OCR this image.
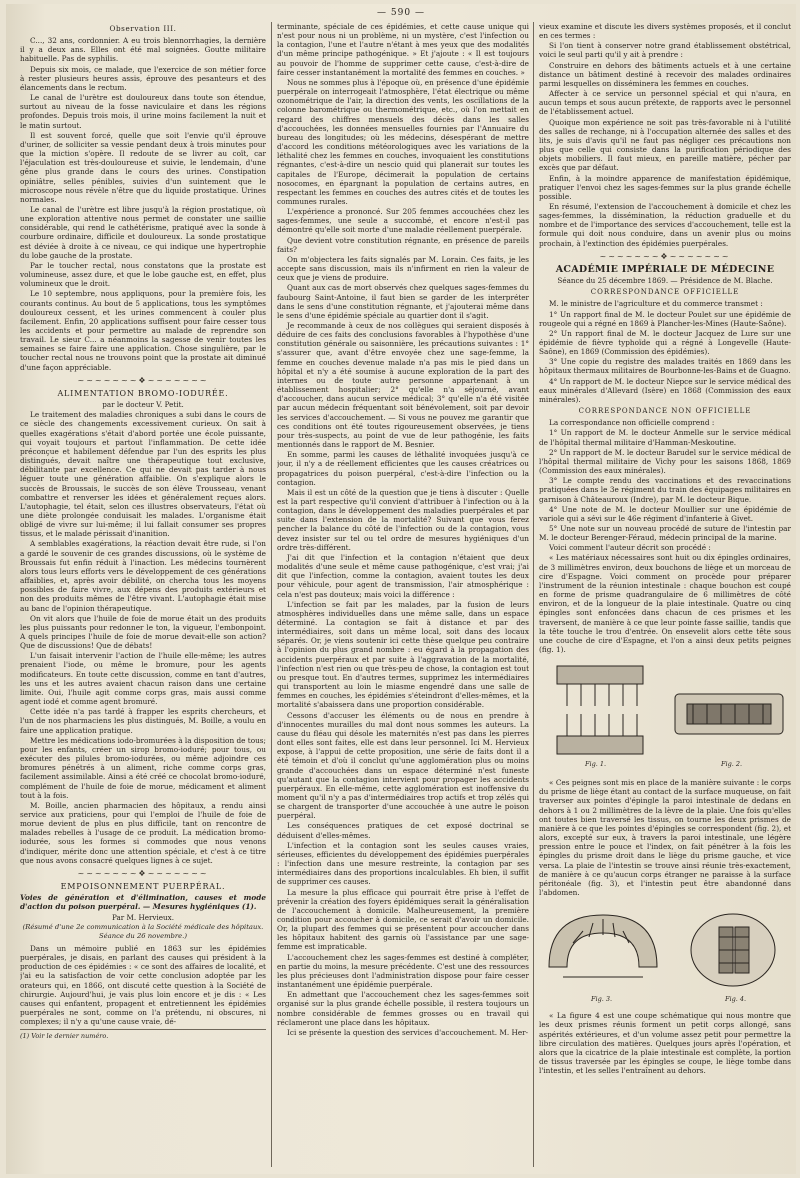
— 590 —
Observation III.

C..., 32 ans, cordonnier. A eu trois blennorrhagies, la dernière il y a deux ans. Elles ont été mal soignées. Goutte militaire habituelle. Pas de syphilis.

Depuis six mois, ce malade, que l'exercice de son métier force à rester plusieurs heures assis, éprouve des pesanteurs et des élancements dans le rectum.

Le canal de l'urètre est douloureux dans toute son étendue, surtout au niveau de la fosse naviculaire et dans les régions profondes. Depuis trois mois, il urine moins facilement la nuit et le matin surtout.

Il est souvent forcé, quelle que soit l'envie qu'il éprouve d'uriner, de solliciter sa vessie pendant deux à trois minutes pour que la miction s'opère. Il redoute de se livrer au coït, car l'éjaculation est très-douloureuse et suivie, le lendemain, d'une gêne plus grande dans le cours des urines. Constipation opiniâtre, selles pénibles, suivies d'un suintement que le microscope nous révèle n'être que du liquide prostatique. Urines normales.

Le canal de l'urètre est libre jusqu'à la région prostatique, où une exploration attentive nous permet de constater une saillie considérable, qui rend le cathétérisme, pratiqué avec la sonde à courbure ordinaire, difficile et douloureux. La sonde prostatique est déviée à droite à ce niveau, ce qui indique une hypertrophie du lobe gauche de la prostate.

Par le toucher rectal, nous constatons que la prostate est volumineuse, assez dure, et que le lobe gauche est, en effet, plus volumineux que le droit.

Le 10 septembre, nous appliquons, pour la première fois, les courants continus. Au bout de 5 applications, tous les symptômes douloureux cessent, et les urines commencent à couler plus facilement. Enfin, 20 applications suffisent pour faire cesser tous les accidents et pour permettre au malade de reprendre son travail. Le sieur C... a néanmoins la sagesse de venir toutes les semaines se faire faire une application. Chose singulière, par le toucher rectal nous ne trouvons point que la prostate ait diminué d'une façon appréciable.

~~~~~~~❖~~~~~~~
ALIMENTATION BROMO-IODURÉE.
par le docteur V. Petit.

Le traitement des maladies chroniques a subi dans le cours de ce siècle des changements excessivement curieux. On sait à quelles exagérations s'était d'abord portée une école puissante, qui voyait toujours et partout l'inflammation. De cette idée préconçue et habilement défendue par l'un des esprits les plus distingués, devait naître une thérapeutique tout exclusive, débilitante par excellence. Ce qui ne devait pas tarder à nous léguer toute une génération affaiblie. On s'explique alors le succès de Broussais, le succès de son élève Trousseau, venant combattre et renverser les idées et généralement reçues alors. L'autophagie, tel était, selon ces illustres observateurs, l'état où une diète prolongée conduisait les malades. L'organisme était obligé de vivre sur lui-même; il lui fallait consumer ses propres tissus, et le malade périssait d'inanition.

A semblables exagérations, la réaction devait être rude, si l'on a gardé le souvenir de ces grandes discussions, où le système de Broussais fut enfin réduit à l'inaction. Les médecins tournèrent alors tous leurs efforts vers le développement de ces générations affaiblies, et, après avoir débilité, on chercha tous les moyens possibles de faire vivre, aux dépens des produits extérieurs et non des produits mêmes de l'être vivant. L'autophagie était mise au banc de l'opinion thérapeutique.

On vit alors que l'huile de foie de morue était un des produits les plus puissants pour redonner le ton, la vigueur, l'embonpoint. A quels principes l'huile de foie de morue devait-elle son action? Que de discussions! Que de débats!

L'un faisait intervenir l'action de l'huile elle-même; les autres prenaient l'iode, ou même le bromure, pour les agents modificateurs. En toute cette discussion, comme en tant d'autres, les uns et les autres avaient chacun raison dans une certaine limite. Oui, l'huile agit comme corps gras, mais aussi comme agent iodé et comme agent bromuré.

Cette idée n'a pas tardé à frapper les esprits chercheurs, et l'un de nos pharmaciens les plus distingués, M. Boille, a voulu en faire une application pratique.

Mettre les médications iodo-bromurées à la disposition de tous; pour les enfants, créer un sirop bromo-ioduré; pour tous, ou exécuter des pilules bromo-iodurées, ou même adjoindre ces bromures pénétrés à un aliment, riche comme corps gras, facilement assimilable. Ainsi a été créé ce chocolat bromo-ioduré, complément de l'huile de foie de morue, médicament et aliment tout à la fois.

M. Boille, ancien pharmacien des hôpitaux, a rendu ainsi service aux praticiens, pour qui l'emploi de l'huile de foie de morue devient de plus en plus difficile, tant on rencontre de malades rebelles à l'usage de ce produit. La médication bromo-iodurée, sous les formes si commodes que nous venons d'indiquer, mérite donc une attention spéciale, et c'est à ce titre que nous avons consacré quelques lignes à ce sujet.

~~~~~~~❖~~~~~~~
EMPOISONNEMENT PUERPÉRAL.
Voies de génération et d'élimination, causes et mode d'action du poison puerpéral. — Mesures hygiéniques (1).
Par M. Hervieux.
(Résumé d'une 2e communication à la Société médicale des hôpitaux. Séance du 26 novembre.)

Dans un mémoire publié en 1863 sur les épidémies puerpérales, je disais, en parlant des causes qui président à la production de ces épidémies : « ce sont des affaires de localité, et j'ai eu la satisfaction de voir cette conclusion adoptée par les orateurs qui, en 1866, ont discuté cette question à la Société de chirurgie. Aujourd'hui, je vais plus loin encore et je dis : « Les causes qui enfantent, propagent et entretiennent les épidémies puerpérales ne sont, comme on l'a prétendu, ni obscures, ni complexes; il n'y a qu'une cause vraie, dé-

(1) Voir le dernier numéro.

terminante, spéciale de ces épidémies, et cette cause unique qui n'est pour nous ni un problème, ni un mystère, c'est l'infection ou la contagion, l'une et l'autre n'étant à mes yeux que des modalités d'un même principe pathogénique. » Et j'ajoute : « Il est toujours au pouvoir de l'homme de supprimer cette cause, c'est-à-dire de faire cesser instantanément la mortalité des femmes en couches. »

Nous ne sommes plus à l'époque où, en présence d'une épidémie puerpérale on interrogeait l'atmosphère, l'état électrique ou même ozonométrique de l'air, la direction des vents, les oscillations de la colonne barométrique ou thermométrique, etc., où l'on mettait en regard des chiffres mensuels des décès dans les salles d'accouchées, les données mensuelles fournies par l'Annuaire du bureau des longitudes; où les médecins, désespérant de mettre d'accord les conditions météorologiques avec les variations de la léthalité chez les femmes en couches, invoquaient les constitutions régnantes, c'est-à-dire un nescio quid qui planerait sur toutes les capitales de l'Europe, décimerait la population de certains nosocomes, en épargnant la population de certains autres, en respectant les femmes en couches des autres cités et de toutes les communes rurales.

L'expérience a prononcé. Sur 205 femmes accouchées chez les sages-femmes, une seule a succombé, et encore n'est-il pas démontré qu'elle soit morte d'une maladie réellement puerpérale.

Que devient votre constitution régnante, en présence de pareils faits?

On m'objectera les faits signalés par M. Lorain. Ces faits, je les accepte sans discussion, mais ils n'infirment en rien la valeur de ceux que je viens de produire.

Quant aux cas de mort observés chez quelques sages-femmes du faubourg Saint-Antoine, il faut bien se garder de les interpréter dans le sens d'une constitution régnante, et j'ajouterai même dans le sens d'une épidémie spéciale au quartier dont il s'agit.

Je recommande à ceux de nos collègues qui seraient disposés à déduire de ces faits des conclusions favorables à l'hypothèse d'une constitution générale ou saisonnière, les précautions suivantes : 1° s'assurer que, avant d'être envoyée chez une sage-femme, la femme en couches devenue malade n'a pas mis le pied dans un hôpital et n'y a été soumise à aucune exploration de la part des internes ou de toute autre personne appartenant à un établissement hospitalier; 2° qu'elle n'a séjourné, avant d'accoucher, dans aucun service médical; 3° qu'elle n'a été visitée par aucun médecin fréquentant soit bénévolement, soit par devoir les services d'accouchement. — Si vous ne pouvez me garantir que ces conditions ont été toutes rigoureusement observées, je tiens pour très-suspects, au point de vue de leur pathogénie, les faits mentionnés dans le rapport de M. Besnier.

En somme, parmi les causes de léthalité invoquées jusqu'à ce jour, il n'y a de réellement efficientes que les causes créatrices ou propagatrices du poison puerpéral, c'est-à-dire l'infection ou la contagion.

Mais il est un côté de la question que je tiens à discuter : Quelle est la part respective qu'il convient d'attribuer à l'infection ou à la contagion, dans le développement des maladies puerpérales et par suite dans l'extension de la mortalité? Suivant que vous ferez pencher la balance du côté de l'infection ou de la contagion, vous devez insister sur tel ou tel ordre de mesures hygiéniques d'un ordre très-différent.

J'ai dit que l'infection et la contagion n'étaient que deux modalités d'une seule et même cause pathogénique, c'est vrai; j'ai dit que l'infection, comme la contagion, avaient toutes les deux pour véhicule, pour agent de transmission, l'air atmosphérique : cela n'est pas douteux; mais voici la différence :

L'infection se fait par les malades, par la fusion de leurs atmosphères individuelles dans une même salle, dans un espace déterminé. La contagion se fait à distance et par des intermédiaires, soit dans un même local, soit dans des locaux séparés. Or, je viens soutenir ici cette thèse quelque peu contraire à l'opinion du plus grand nombre : eu égard à la propagation des accidents puerpéraux et par suite à l'aggravation de la mortalité, l'infection n'est rien ou que très-peu de chose, la contagion est tout ou presque tout. En d'autres termes, supprimez les intermédiaires qui transportent au loin le miasme engendré dans une salle de femmes en couches, les épidémies s'éteindront d'elles-mêmes, et la mortalité s'abaissera dans une proportion considérable.

Cessons d'accuser les éléments ou de nous en prendre à d'innocentes murailles du mal dont nous sommes les auteurs. La cause du fléau qui désole les maternités n'est pas dans les pierres dont elles sont faites, elle est dans leur personnel. Ici M. Hervieux expose, à l'appui de cette proposition, une série de faits dont il a été témoin et d'où il conclut qu'une agglomération plus ou moins grande d'accouchées dans un espace déterminé n'est funeste qu'autant que la contagion intervient pour propager les accidents puerpéraux. En elle-même, cette agglomération est inoffensive du moment qu'il n'y a pas d'intermédiaires trop actifs et trop zélés qui se chargent de transporter d'une accouchée à une autre le poison puerpéral.

Les conséquences pratiques de cet exposé doctrinal se déduisent d'elles-mêmes.

L'infection et la contagion sont les seules causes vraies, sérieuses, efficientes du développement des épidémies puerpérales : l'infection dans une mesure restreinte, la contagion par ses intermédiaires dans des proportions incalculables. Eh bien, il suffit de supprimer ces causes.

La mesure la plus efficace qui pourrait être prise à l'effet de prévenir la création des foyers épidémiques serait la généralisation de l'accouchement à domicile. Malheureusement, la première condition pour accoucher à domicile, ce serait d'avoir un domicile. Or, la plupart des femmes qui se présentent pour accoucher dans les hôpitaux habitent des garnis où l'assistance par une sage-femme est impraticable.

L'accouchement chez les sages-femmes est destiné à compléter, en partie du moins, la mesure précédente. C'est une des ressources les plus précieuses dont l'administration dispose pour faire cesser instantanément une épidémie puerpérale.

En admettant que l'accouchement chez les sages-femmes soit organisé sur la plus grande échelle possible, il restera toujours un nombre considérable de femmes grosses ou en travail qui réclameront une place dans les hôpitaux.

Ici se présente la question des services d'accouchement. M. Her-

vieux examine et discute les divers systèmes proposés, et il conclut en ces termes :

Si l'on tient à conserver notre grand établissement obstétrical, voici le seul parti qu'il y ait à prendre :

Construire en dehors des bâtiments actuels et à une certaine distance un bâtiment destiné à recevoir des malades ordinaires parmi lesquelles on disséminera les femmes en couches.

Affecter à ce service un personnel spécial et qui n'aura, en aucun temps et sous aucun prétexte, de rapports avec le personnel de l'établissement actuel.

Quoique mon expérience ne soit pas très-favorable ni à l'utilité des salles de rechange, ni à l'occupation alternée des salles et des lits, je suis d'avis qu'il ne faut pas négliger ces précautions non plus que celle qui consiste dans la purification périodique des objets mobiliers. Il faut mieux, en pareille matière, pécher par excès que par défaut.

Enfin, à la moindre apparence de manifestation épidémique, pratiquer l'envoi chez les sages-femmes sur la plus grande échelle possible.

En résumé, l'extension de l'accouchement à domicile et chez les sages-femmes, la dissémination, la réduction graduelle et du nombre et de l'importance des services d'accouchement, telle est la formule qui doit nous conduire, dans un avenir plus ou moins prochain, à l'extinction des épidémies puerpérales.

~~~~~~~❖~~~~~~~
ACADÉMIE IMPÉRIALE DE MÉDECINE
Séance du 25 décembre 1869. — Présidence de M. Blache.
CORRESPONDANCE OFFICIELLE

M. le ministre de l'agriculture et du commerce transmet :

1° Un rapport final de M. le docteur Poulet sur une épidémie de rougeole qui a régné en 1869 à Plancher-les-Mines (Haute-Saône).

2° Un rapport final de M. le docteur Jacquez de Lure sur une épidémie de fièvre typhoïde qui a régné à Longevelle (Haute-Saône), en 1869 (Commission des épidémies).

3° Une copie du registre des malades traités en 1869 dans les hôpitaux thermaux militaires de Bourbonne-les-Bains et de Guagno.

4° Un rapport de M. le docteur Niepce sur le service médical des eaux minérales d'Allevard (Isère) en 1868 (Commission des eaux minérales).

CORRESPONDANCE NON OFFICIELLE

La correspondance non officielle comprend :

1° Un rapport de M. le docteur Anmelle sur le service médical de l'hôpital thermal militaire d'Hamman-Meskoutine.

2° Un rapport de M. le docteur Barudel sur le service médical de l'hôpital thermal militaire de Vichy pour les saisons 1868, 1869 (Commission des eaux minérales).

3° Le compte rendu des vaccinations et des revaccinations pratiquées dans le 3e régiment du train des équipages militaires en garnison à Châteauroux (Indre), par M. le docteur Bique.

4° Une note de M. le docteur Moullier sur une épidémie de variole qui a sévi sur le 46e régiment d'infanterie à Givet.

5° Une note sur un nouveau procédé de suture de l'intestin par M. le docteur Berenger-Féraud, médecin principal de la marine.

Voici comment l'auteur décrit son procédé :

« Les matériaux nécessaires sont huit ou dix épingles ordinaires, de 3 millimètres environ, deux bouchons de liège et un morceau de cire d'Espagne. Voici comment on procède pour préparer l'instrument de la réunion intestinale : chaque bouchon est coupé en forme de prisme quadrangulaire de 6 millimètres de côté environ, et de la longueur de la plaie intestinale. Quatre ou cinq épingles sont enfoncées dans chacun de ces prismes et les traversent, de manière à ce que leur pointe fasse saillie, tandis que la tête touche le trou d'entrée. On ensevelit alors cette tête sous une couche de cire d'Espagne, et l'on a ainsi deux petits peignes (fig. 1).

Fig. 1.	Fig. 2.

« Ces peignes sont mis en place de la manière suivante : le corps du prisme de liège étant au contact de la surface muqueuse, on fait traverser aux pointes d'épingle la paroi intestinale de dedans en dehors à 1 ou 2 millimètres de la lèvre de la plaie. Une fois qu'elles ont toutes bien traversé les tissus, on tourne les deux prismes de manière à ce que les pointes d'épingles se correspondent (fig. 2), et alors, excepté sur eux, à travers la paroi intestinale, une légère pression entre le pouce et l'index, on fait pénétrer à la fois les épingles du prisme droit dans le liège du prisme gauche, et vice versa. La plaie de l'intestin se trouve ainsi réunie très-exactement, de manière à ce qu'aucun corps étranger ne paraisse à la surface péritonéale (fig. 3), et l'intestin peut être abandonné dans l'abdomen.

Fig. 3.	Fig. 4.

« La figure 4 est une coupe schématique qui nous montre que les deux prismes réunis forment un petit corps allongé, sans aspérités extérieures, et d'un volume assez petit pour permettre la libre circulation des matières. Quelques jours après l'opération, et alors que la cicatrice de la plaie intestinale est complète, la portion de tissus traversée par les épingles se coupe, le liège tombe dans l'intestin, et les selles l'entraînent au dehors.
